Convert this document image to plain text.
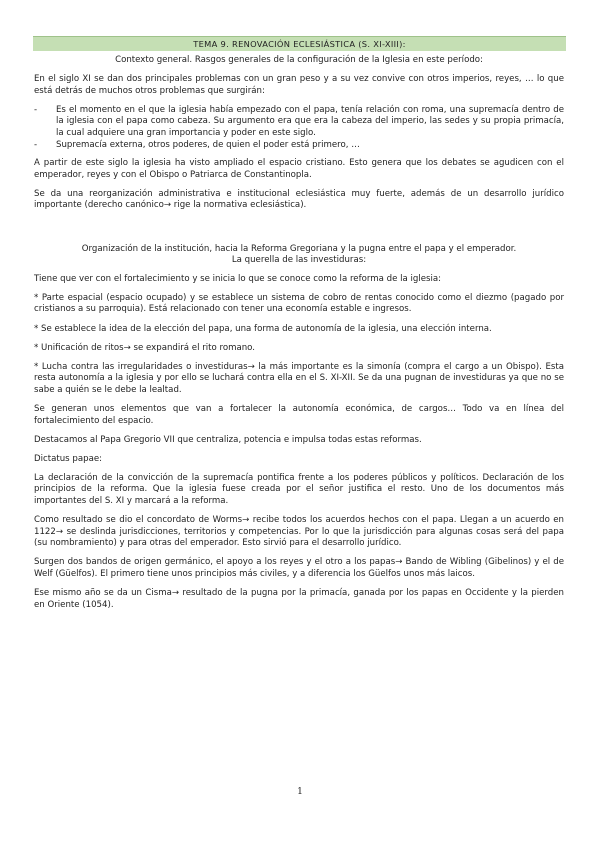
TEMA 9. RENOVACIÓN ECLESIÁSTICA (S. XI-XIII):

Contexto general. Rasgos generales de la configuración de la Iglesia en este período:

En el siglo XI se dan dos principales problemas con un gran peso y a su vez convive con otros imperios, reyes, … lo que está detrás de muchos otros problemas que surgirán:

- Es el momento en el que la iglesia había empezado con el papa, tenía relación con roma, una supremacía dentro de la iglesia con el papa como cabeza. Su argumento era que era la cabeza del imperio, las sedes y su propia primacía, la cual adquiere una gran importancia y poder en este siglo.
- Supremacía externa, otros poderes, de quien el poder está primero, …

A partir de este siglo la iglesia ha visto ampliado el espacio cristiano. Esto genera que los debates se agudicen con el emperador, reyes y con el Obispo o Patriarca de Constantinopla.

Se da una reorganización administrativa e institucional eclesiástica muy fuerte, además de un desarrollo jurídico importante (derecho canónico→ rige la normativa eclesiástica).

Organización de la institución, hacia la Reforma Gregoriana y la pugna entre el papa y el emperador.
La querella de las investiduras:

Tiene que ver con el fortalecimiento y se inicia lo que se conoce como la reforma de la iglesia:

* Parte espacial (espacio ocupado) y se establece un sistema de cobro de rentas conocido como el diezmo (pagado por cristianos a su parroquia). Está relacionado con tener una economía estable e ingresos.

* Se establece la idea de la elección del papa, una forma de autonomía de la iglesia, una elección interna.

* Unificación de ritos→ se expandirá el rito romano.

* Lucha contra las irregularidades o investiduras→ la más importante es la simonía (compra el cargo a un Obispo). Esta resta autonomía a la iglesia y por ello se luchará contra ella en el S. XI-XII. Se da una pugnan de investiduras ya que no se sabe a quién se le debe la lealtad.

Se generan unos elementos que van a fortalecer la autonomía económica, de cargos… Todo va en línea del fortalecimiento del espacio.

Destacamos al Papa Gregorio VII que centraliza, potencia e impulsa todas estas reformas.

Dictatus papae:

La declaración de la convicción de la supremacía pontifica frente a los poderes públicos y políticos. Declaración de los principios de la reforma. Que la iglesia fuese creada por el señor justifica el resto. Uno de los documentos más importantes del S. XI y marcará a la reforma.

Como resultado se dio el concordato de Worms→ recibe todos los acuerdos hechos con el papa. Llegan a un acuerdo en 1122→ se deslinda jurisdicciones, territorios y competencias. Por lo que la jurisdicción para algunas cosas será del papa (su nombramiento) y para otras del emperador. Esto sirvió para el desarrollo jurídico.

Surgen dos bandos de origen germánico, el apoyo a los reyes y el otro a los papas→ Bando de Wibling (Gibelinos) y el de Welf (Güelfos). El primero tiene unos principios más civiles, y a diferencia los Güelfos unos más laicos.

Ese mismo año se da un Cisma→ resultado de la pugna por la primacía, ganada por los papas en Occidente y la pierden en Oriente (1054).

1
